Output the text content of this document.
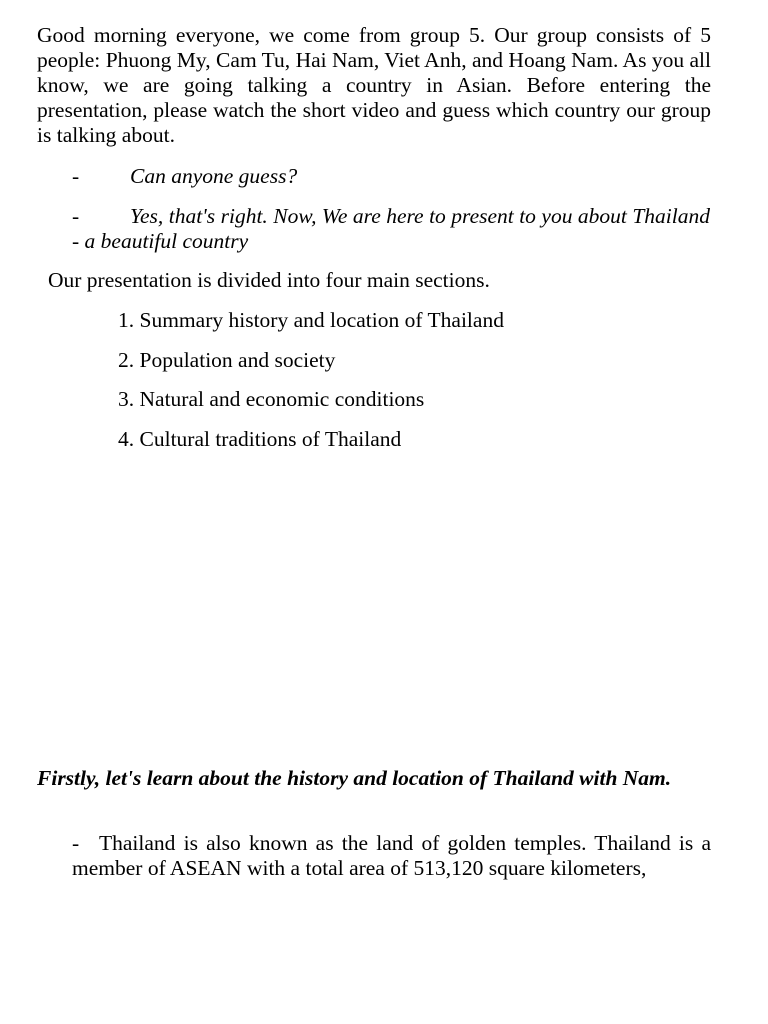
Good morning everyone, we come from group 5. Our group consists of 5 people: Phuong My, Cam Tu, Hai Nam, Viet Anh, and Hoang Nam. As you all know, we are going talking a country in Asian. Before entering the presentation, please watch the short video and guess which country our group is talking about.

- Can anyone guess?

- Yes, that's right. Now, We are here to present to you about Thailand - a beautiful country

Our presentation is divided into four main sections.

1. Summary history and location of Thailand
2. Population and society
3. Natural and economic conditions
4. Cultural traditions of Thailand

Firstly, let's learn about the history and location of Thailand with Nam.

- Thailand is also known as the land of golden temples. Thailand is a member of ASEAN with a total area of 513,120 square kilometers,
